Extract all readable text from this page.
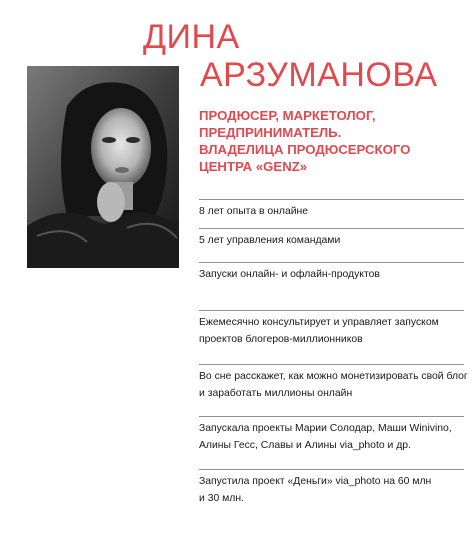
ДИНА
АРЗУМАНОВА
ПРОДЮСЕР, МАРКЕТОЛОГ,
ПРЕДПРИНИМАТЕЛЬ.
ВЛАДЕЛИЦА ПРОДЮСЕРСКОГО
ЦЕНТРА «GENZ»
8 лет опыта в онлайне
5 лет управления командами
Запуски онлайн- и офлайн-продуктов
Ежемесячно консультирует и управляет запуском
проектов блогеров-миллионников
Во сне расскажет, как можно монетизировать свой блог
и заработать миллионы онлайн
Запускала проекты Марии Солодар, Маши Winivino,
Алины Гесс, Славы и Алины via_photo и др.
Запустила проект «Деньги» via_photo на 60 млн
и 30 млн.
